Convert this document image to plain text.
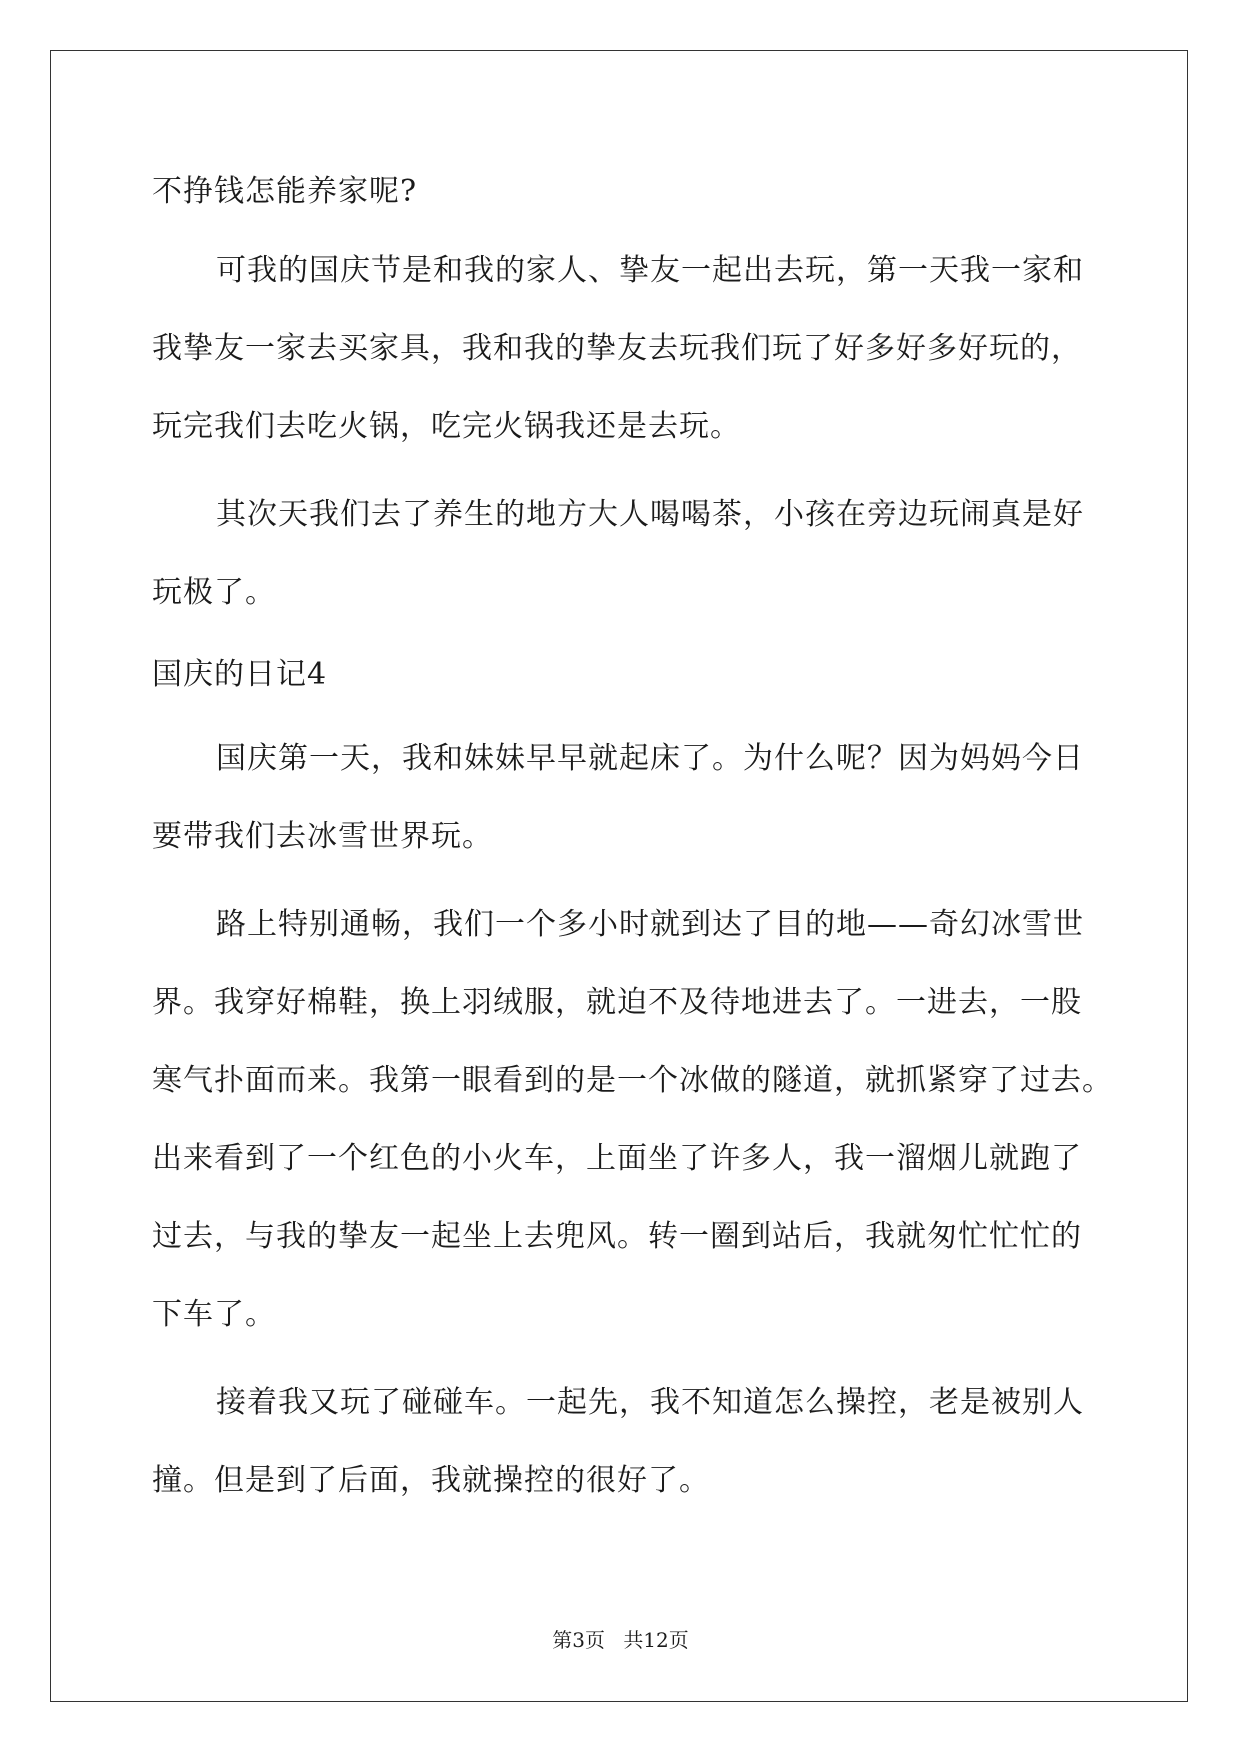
不挣钱怎能养家呢?
可我的国庆节是和我的家人、挚友一起出去玩，第一天我一家和
我挚友一家去买家具，我和我的挚友去玩我们玩了好多好多好玩的，
玩完我们去吃火锅，吃完火锅我还是去玩。
其次天我们去了养生的地方大人喝喝茶，小孩在旁边玩闹真是好
玩极了。
国庆的日记4
国庆第一天，我和妹妹早早就起床了。为什么呢？因为妈妈今日
要带我们去冰雪世界玩。
路上特别通畅，我们一个多小时就到达了目的地——奇幻冰雪世
界。我穿好棉鞋，换上羽绒服，就迫不及待地进去了。一进去，一股
寒气扑面而来。我第一眼看到的是一个冰做的隧道，就抓紧穿了过去。
出来看到了一个红色的小火车，上面坐了许多人，我一溜烟儿就跑了
过去，与我的挚友一起坐上去兜风。转一圈到站后，我就匆忙忙忙的
下车了。
接着我又玩了碰碰车。一起先，我不知道怎么操控，老是被别人
撞。但是到了后面，我就操控的很好了。
第3页 共12页
